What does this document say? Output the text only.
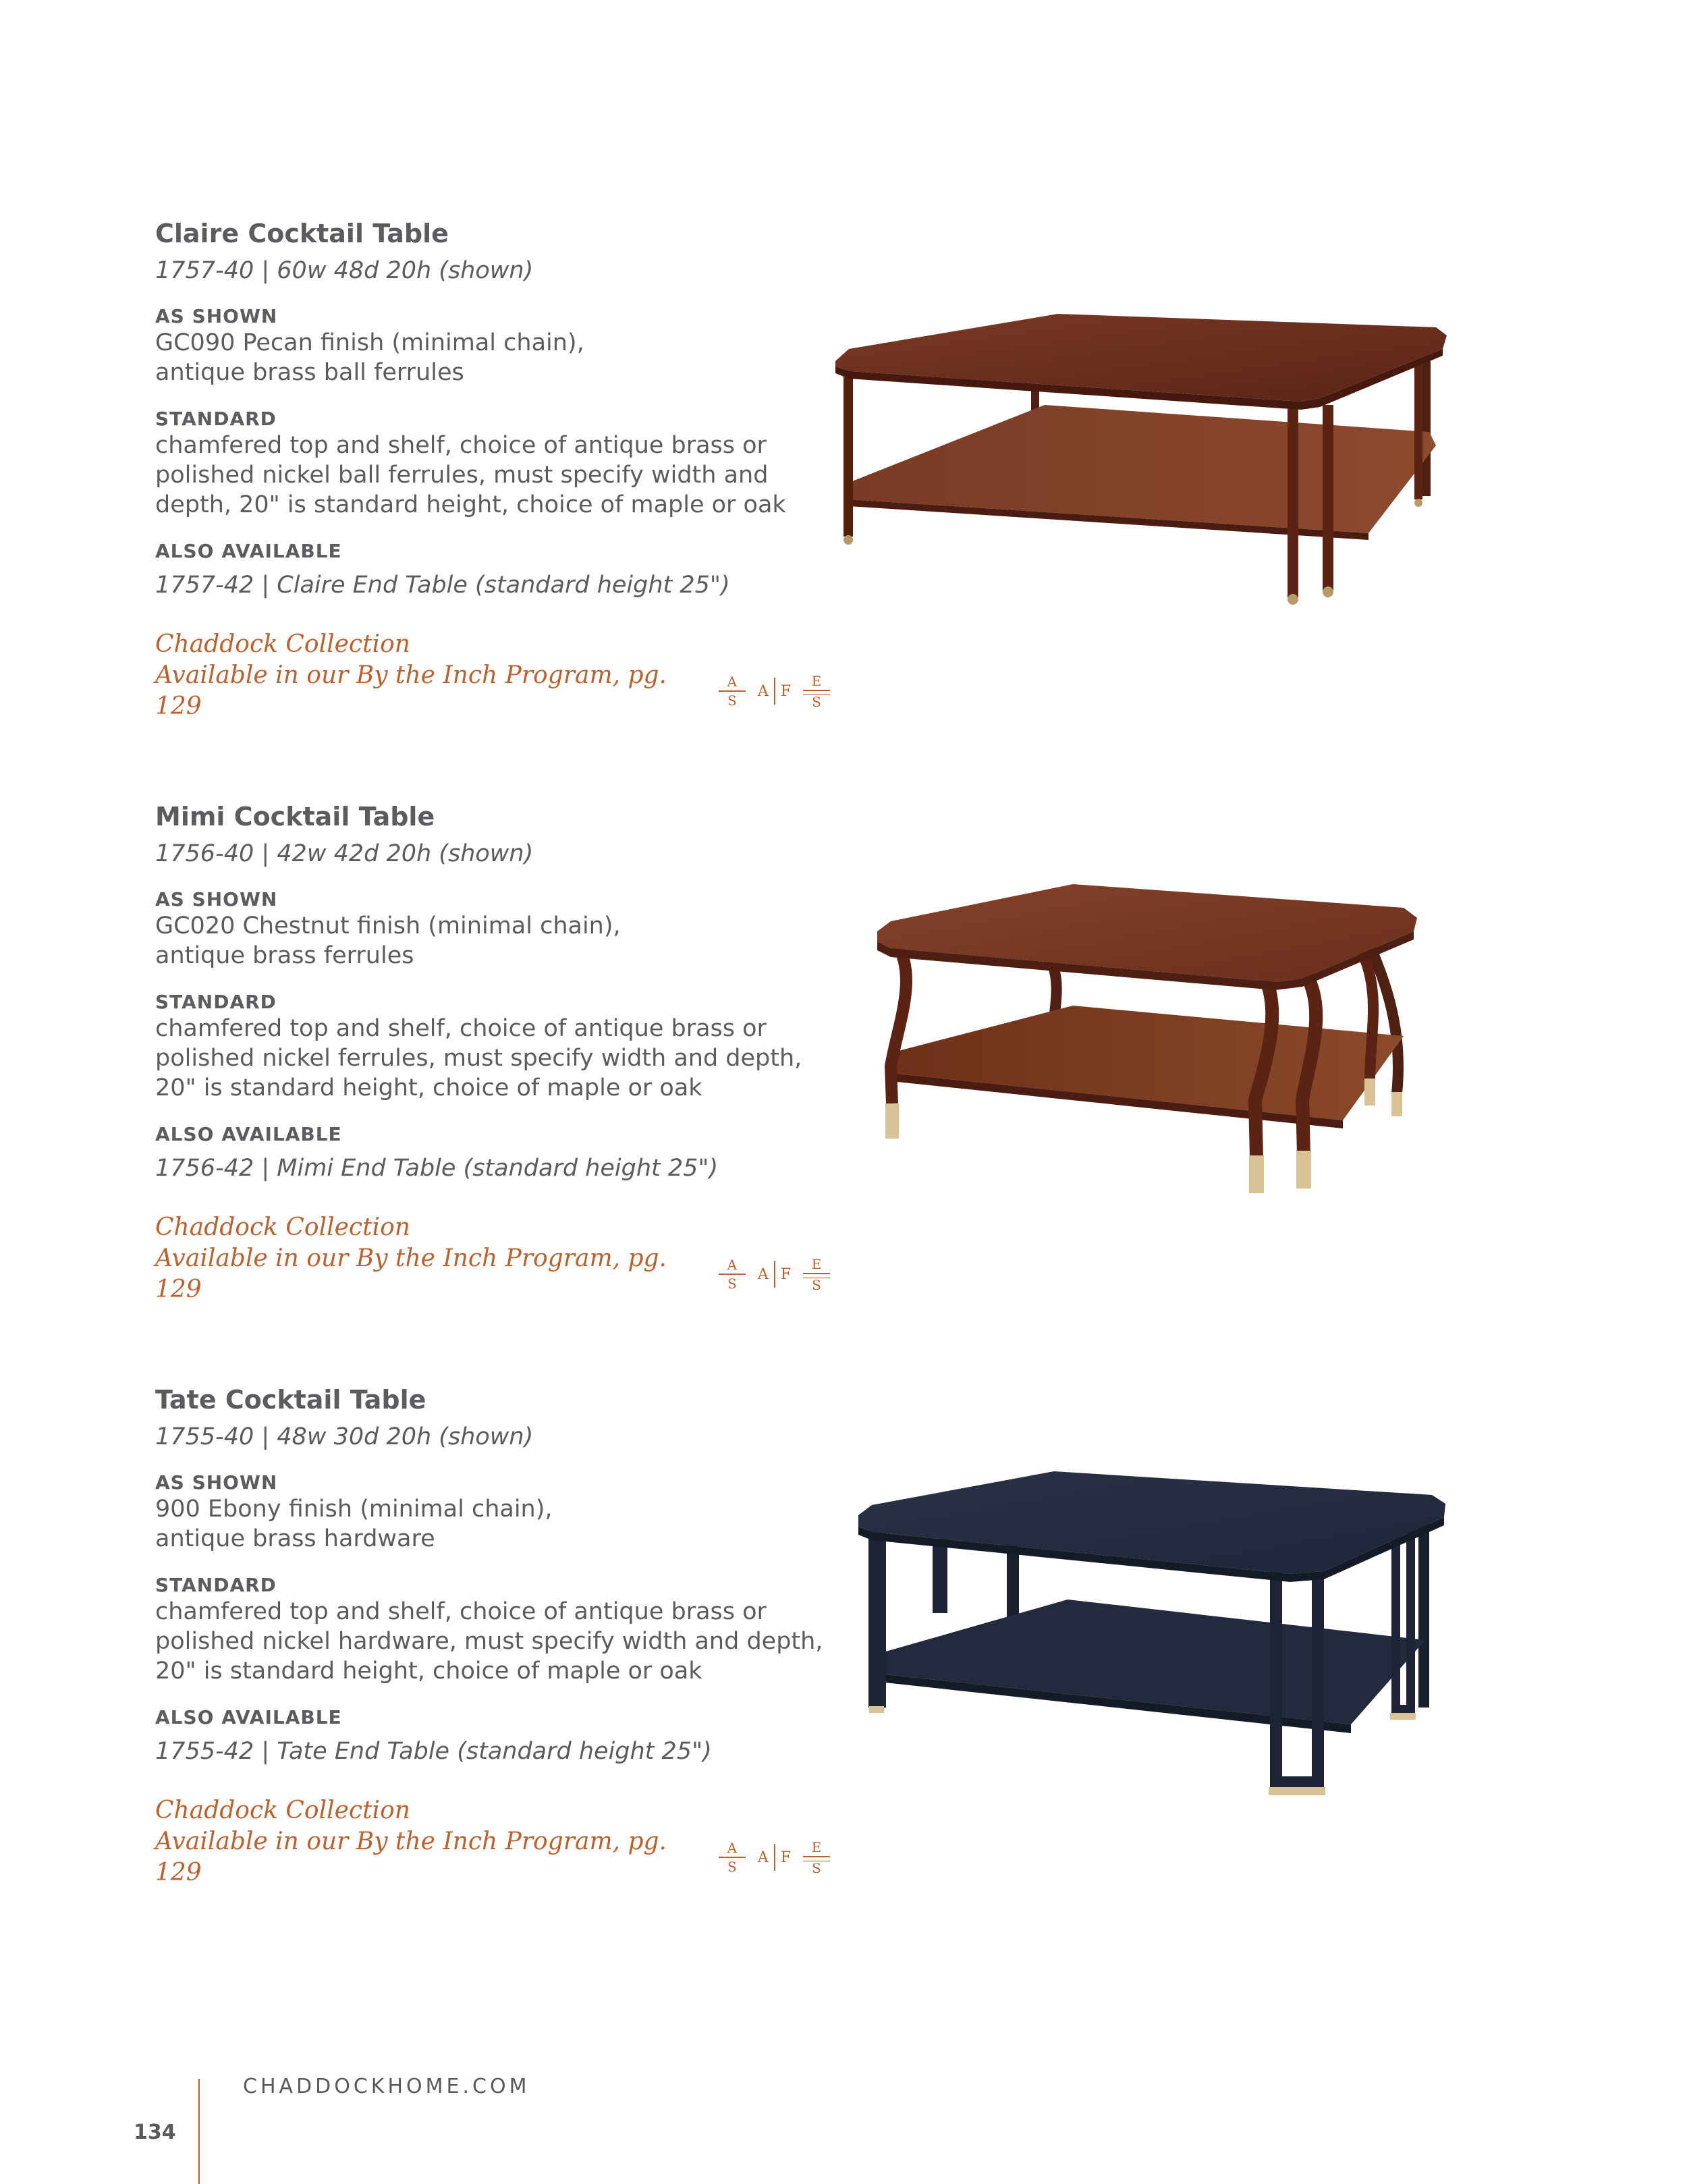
Claire Cocktail Table

1757-40 | 60w 48d 20h (shown)

AS SHOWN

GC090 Pecan finish (minimal chain),

antique brass ball ferrules

STANDARD

chamfered top and shelf, choice of antique brass or

polished nickel ball ferrules, must specify width and

depth, 20" is standard height, choice of maple or oak

ALSO AVAILABLE

1757-42 | Claire End Table (standard height 25")

Chaddock Collection

Available in our By the Inch Program, pg. 129	$\frac{A}{S}$ A F $\frac{E}{S}$
Mimi Cocktail Table

1756-40 | 42w 42d 20h (shown)

AS SHOWN

GC020 Chestnut finish (minimal chain),

antique brass ferrules

STANDARD

chamfered top and shelf, choice of antique brass or

polished nickel ferrules, must specify width and depth,

20" is standard height, choice of maple or oak

ALSO AVAILABLE

1756-42 | Mimi End Table (standard height 25")

Chaddock Collection

Available in our By the Inch Program, pg. 129	$\frac{A}{S}$ A F $\frac{E}{S}$
Tate Cocktail Table

1755-40 | 48w 30d 20h (shown)

AS SHOWN

900 Ebony finish (minimal chain),

antique brass hardware

STANDARD

chamfered top and shelf, choice of antique brass or

polished nickel hardware, must specify width and depth,

20" is standard height, choice of maple or oak

ALSO AVAILABLE

1755-42 | Tate End Table (standard height 25")

Chaddock Collection

Available in our By the Inch Program, pg. 129	$\frac{A}{S}$ A F $\frac{E}{S}$
CHADDOCKHOME.COM
134
